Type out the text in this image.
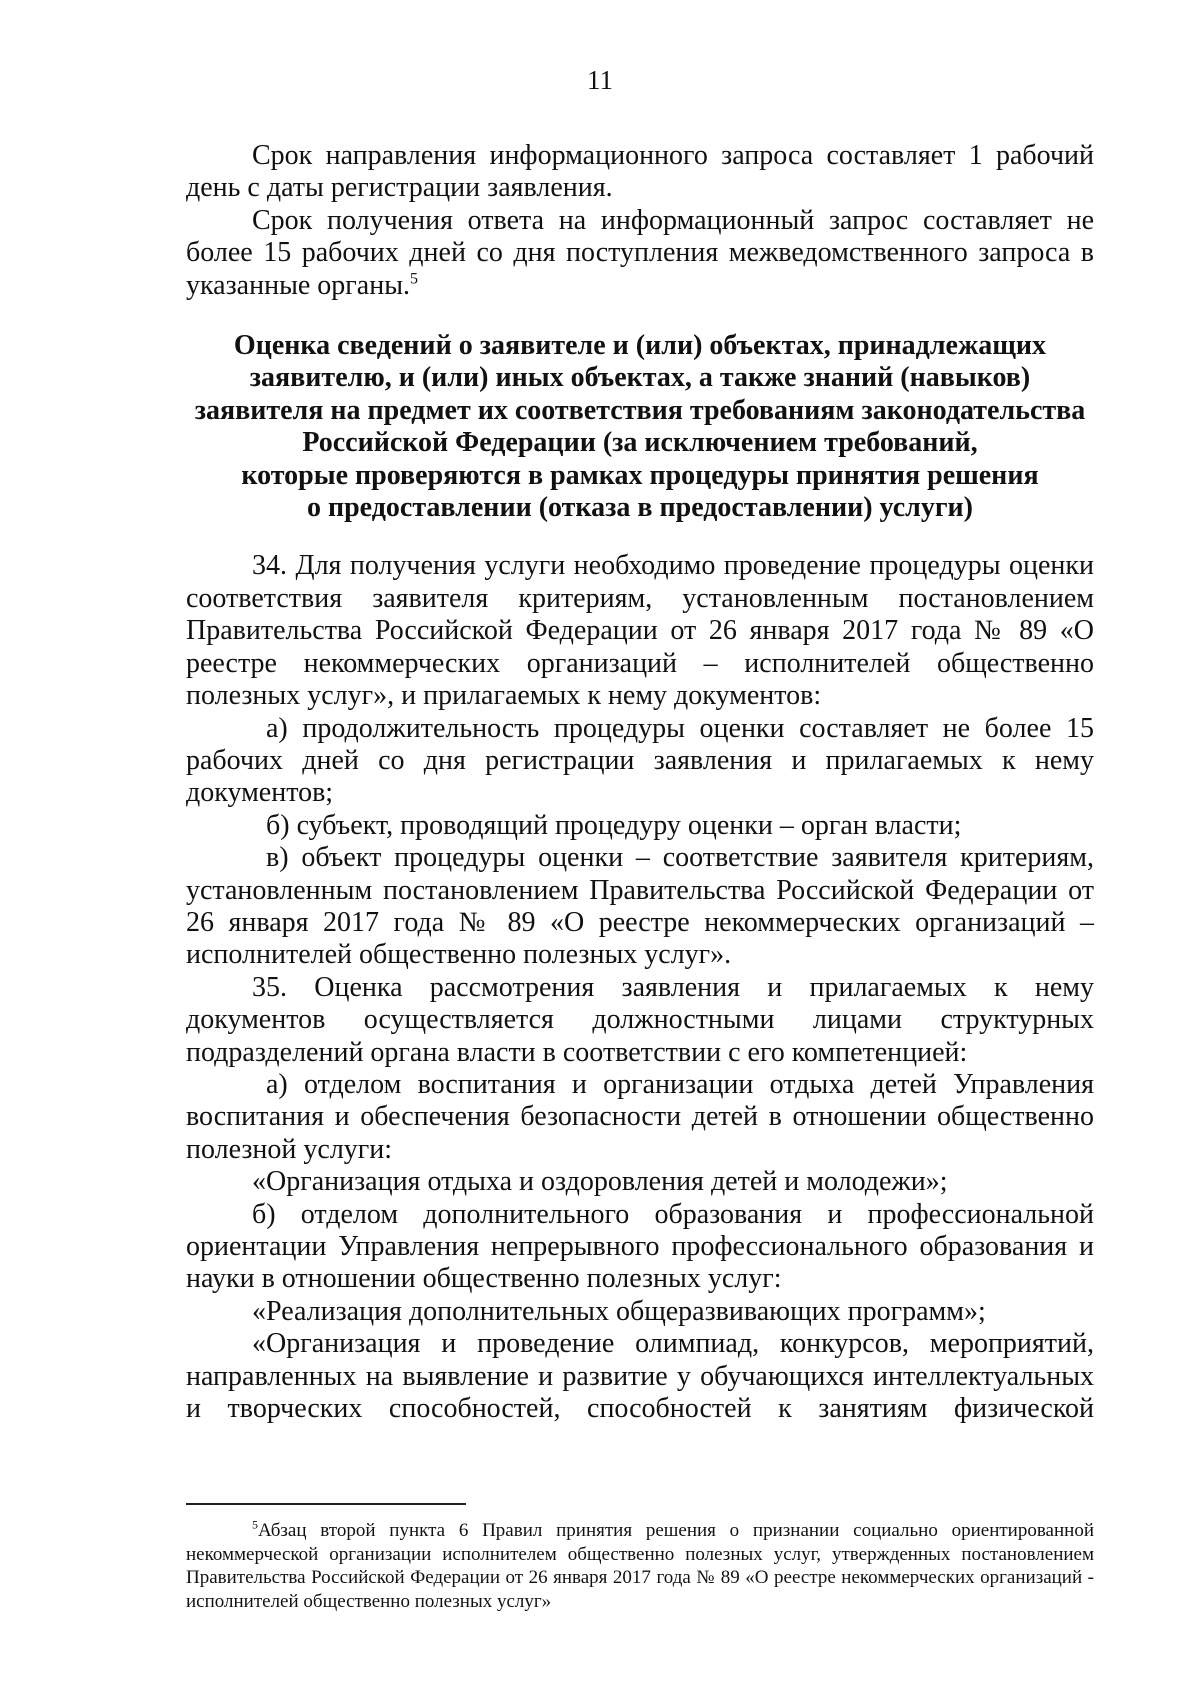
11

Срок направления информационного запроса составляет 1 рабочий день с даты регистрации заявления.

Срок получения ответа на информационный запрос составляет не более 15 рабочих дней со дня поступления межведомственного запроса в указанные органы.$^5$

Оценка сведений о заявителе и (или) объектах, принадлежащих
заявителю, и (или) иных объектах, а также знаний (навыков)
заявителя на предмет их соответствия требованиям законодательства
Российской Федерации (за исключением требований,
которые проверяются в рамках процедуры принятия решения
о предоставлении (отказа в предоставлении) услуги)

34. Для получения услуги необходимо проведение процедуры оценки соответствия заявителя критериям, установленным постановлением Правительства Российской Федерации от 26 января 2017 года № 89 «О реестре некоммерческих организаций – исполнителей общественно полезных услуг», и прилагаемых к нему документов:

а) продолжительность процедуры оценки составляет не более 15 рабочих дней со дня регистрации заявления и прилагаемых к нему документов;

б) субъект, проводящий процедуру оценки – орган власти;

в) объект процедуры оценки – соответствие заявителя критериям, установленным постановлением Правительства Российской Федерации от 26 января 2017 года № 89 «О реестре некоммерческих организаций – исполнителей общественно полезных услуг».

35. Оценка рассмотрения заявления и прилагаемых к нему документов осуществляется должностными лицами структурных подразделений органа власти в соответствии с его компетенцией:

а) отделом воспитания и организации отдыха детей Управления воспитания и обеспечения безопасности детей в отношении общественно полезной услуги:

«Организация отдыха и оздоровления детей и молодежи»;

б) отделом дополнительного образования и профессиональной ориентации Управления непрерывного профессионального образования и науки в отношении общественно полезных услуг:

«Реализация дополнительных общеразвивающих программ»;

«Организация и проведение олимпиад, конкурсов, мероприятий, направленных на выявление и развитие у обучающихся интеллектуальных и творческих способностей, способностей к занятиям физической

$^5$Абзац второй пункта 6 Правил принятия решения о признании социально ориентированной некоммерческой организации исполнителем общественно полезных услуг, утвержденных постановлением Правительства Российской Федерации от 26 января 2017 года № 89 «О реестре некоммерческих организаций - исполнителей общественно полезных услуг»
